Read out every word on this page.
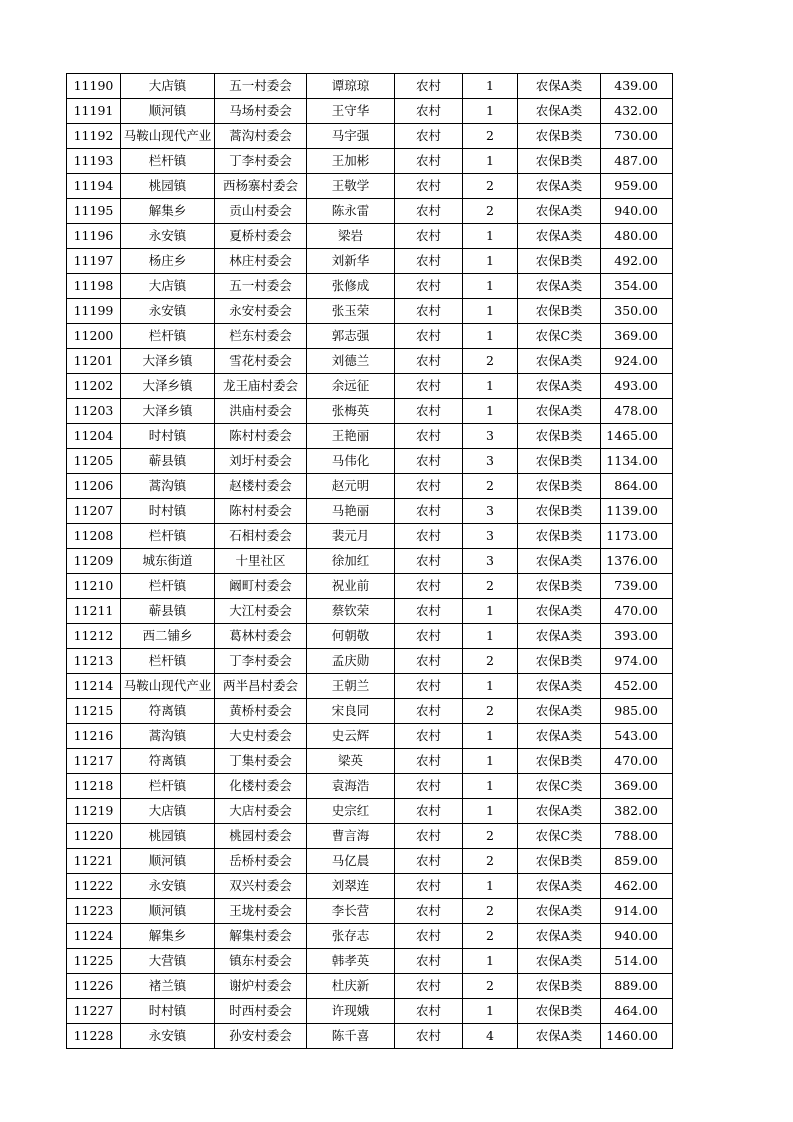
11190	大店镇	五一村委会	谭琼琼	农村	1	农保A类	439.00
11191	顺河镇	马场村委会	王守华	农村	1	农保A类	432.00
11192	马鞍山现代产业	蒿沟村委会	马宇强	农村	2	农保B类	730.00
11193	栏杆镇	丁李村委会	王加彬	农村	1	农保B类	487.00
11194	桃园镇	西杨寨村委会	王敬学	农村	2	农保A类	959.00
11195	解集乡	贡山村委会	陈永雷	农村	2	农保A类	940.00
11196	永安镇	夏桥村委会	梁岩	农村	1	农保A类	480.00
11197	杨庄乡	林庄村委会	刘新华	农村	1	农保B类	492.00
11198	大店镇	五一村委会	张修成	农村	1	农保A类	354.00
11199	永安镇	永安村委会	张玉荣	农村	1	农保B类	350.00
11200	栏杆镇	栏东村委会	郭志强	农村	1	农保C类	369.00
11201	大泽乡镇	雪花村委会	刘德兰	农村	2	农保A类	924.00
11202	大泽乡镇	龙王庙村委会	余远征	农村	1	农保A类	493.00
11203	大泽乡镇	洪庙村委会	张梅英	农村	1	农保A类	478.00
11204	时村镇	陈村村委会	王艳丽	农村	3	农保B类	1465.00
11205	蕲县镇	刘圩村委会	马伟化	农村	3	农保B类	1134.00
11206	蒿沟镇	赵楼村委会	赵元明	农村	2	农保B类	864.00
11207	时村镇	陈村村委会	马艳丽	农村	3	农保B类	1139.00
11208	栏杆镇	石相村委会	裴元月	农村	3	农保B类	1173.00
11209	城东街道	十里社区	徐加红	农村	3	农保A类	1376.00
11210	栏杆镇	阚町村委会	祝业前	农村	2	农保B类	739.00
11211	蕲县镇	大江村委会	蔡钦荣	农村	1	农保A类	470.00
11212	西二铺乡	葛林村委会	何朝敬	农村	1	农保A类	393.00
11213	栏杆镇	丁李村委会	孟庆勋	农村	2	农保B类	974.00
11214	马鞍山现代产业	两半昌村委会	王朝兰	农村	1	农保A类	452.00
11215	符离镇	黄桥村委会	宋良同	农村	2	农保A类	985.00
11216	蒿沟镇	大史村委会	史云辉	农村	1	农保A类	543.00
11217	符离镇	丁集村委会	梁英	农村	1	农保B类	470.00
11218	栏杆镇	化楼村委会	袁海浩	农村	1	农保C类	369.00
11219	大店镇	大店村委会	史宗红	农村	1	农保A类	382.00
11220	桃园镇	桃园村委会	曹言海	农村	2	农保C类	788.00
11221	顺河镇	岳桥村委会	马亿晨	农村	2	农保B类	859.00
11222	永安镇	双兴村委会	刘翠连	农村	1	农保A类	462.00
11223	顺河镇	王垅村委会	李长营	农村	2	农保A类	914.00
11224	解集乡	解集村委会	张存志	农村	2	农保A类	940.00
11225	大营镇	镇东村委会	韩孝英	农村	1	农保A类	514.00
11226	褚兰镇	谢炉村委会	杜庆新	农村	2	农保B类	889.00
11227	时村镇	时西村委会	许现娥	农村	1	农保B类	464.00
11228	永安镇	孙安村委会	陈千喜	农村	4	农保A类	1460.00
